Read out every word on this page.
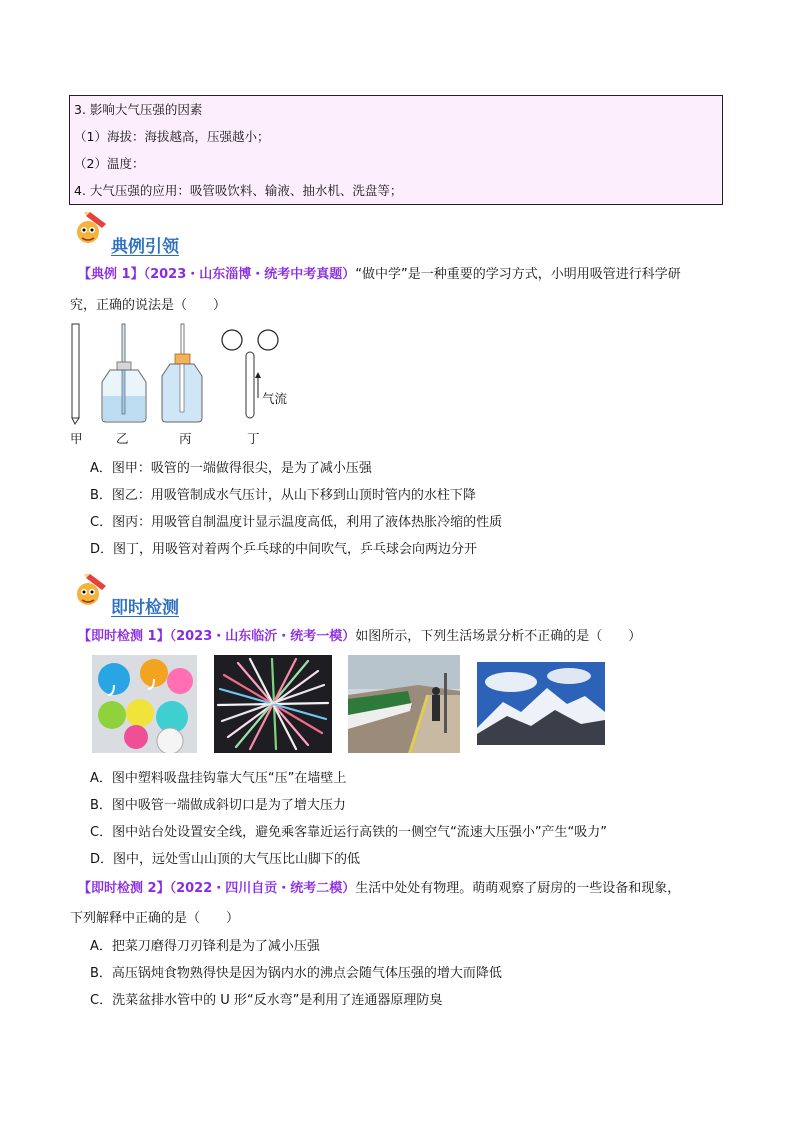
3. 影响大气压强的因素
（1）海拔：海拔越高，压强越小；
（2）温度：
4. 大气压强的应用：吸管吸饮料、输液、抽水机、洗盘等；
典例引领
【典例 1】（2023・山东淄博・统考中考真题）“做中学”是一种重要的学习方式，小明用吸管进行科学研
究，正确的说法是（　　）
气流
甲	乙	丙	丁
A．图甲：吸管的一端做得很尖，是为了减小压强
B．图乙：用吸管制成水气压计，从山下移到山顶时管内的水柱下降
C．图丙：用吸管自制温度计显示温度高低，利用了液体热胀冷缩的性质
D．图丁，用吸管对着两个乒乓球的中间吹气，乒乓球会向两边分开
即时检测
【即时检测 1】（2023・山东临沂・统考一模）如图所示，下列生活场景分析不正确的是（　　）
A．图中塑料吸盘挂钩靠大气压“压”在墙壁上
B．图中吸管一端做成斜切口是为了增大压力
C．图中站台处设置安全线，避免乘客靠近运行高铁的一侧空气“流速大压强小”产生“吸力”
D．图中，远处雪山山顶的大气压比山脚下的低
【即时检测 2】（2022・四川自贡・统考二模）生活中处处有物理。萌萌观察了厨房的一些设备和现象，
下列解释中正确的是（　　）
A．把菜刀磨得刀刃锋利是为了减小压强
B．高压锅炖食物熟得快是因为锅内水的沸点会随气体压强的增大而降低
C．洗菜盆排水管中的 U 形“反水弯”是利用了连通器原理防臭
